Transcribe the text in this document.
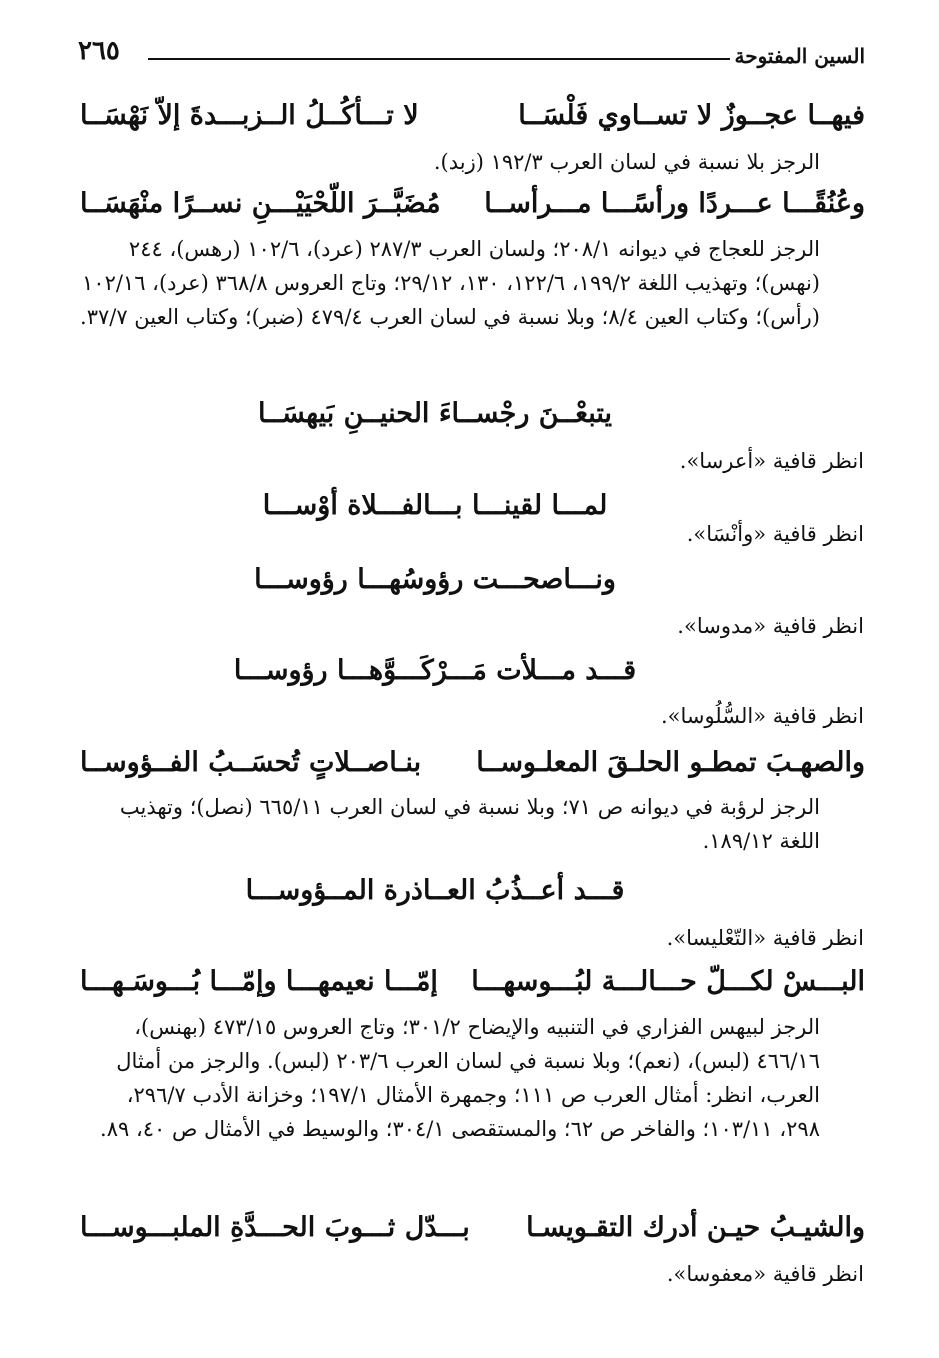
السين المفتوحة
٢٦٥
فيهــا عجــوزٌ لا تســاوي فَلْسَــا
لا تـــأكُــلُ الــزبـــدةَ إلاّ نَهْسَــا
الرجز بلا نسبة في لسان العرب ١٩٢/٣ (زبد).
وعُنُقًـــا عـــردًا ورأسًـــا مـــرأســا
مُضَبَّــرَ اللّحْيَيْـــنِ نســرًا منْهَسَــا
الرجز للعجاج في ديوانه ٢٠٨/١؛ ولسان العرب ٢٨٧/٣ (عرد)، ١٠٢/٦ (رهس)، ٢٤٤ (نهس)؛ وتهذيب اللغة ١٩٩/٢، ١٢٢/٦، ١٣٠، ٢٩/١٢؛ وتاج العروس ٣٦٨/٨ (عرد)، ١٠٢/١٦ (رأس)؛ وكتاب العين ٨/٤؛ وبلا نسبة في لسان العرب ٤٧٩/٤ (ضبر)؛ وكتاب العين ٣٧/٧.
يتبعْــنَ رجْســاءَ الحنيــنِ بَيهسَــا
انظر قافية «أعرسا».
لمـــا لقينـــا بـــالفـــلاة أوْســـا
انظر قافية «وأنْسَا».
ونـــاصحـــت رؤوسُهـــا رؤوســـا
انظر قافية «مدوسا».
قـــد مـــلأت مَـــرْكَـــوَّهـــا رؤوســـا
انظر قافية «السُّلُوسا».
والصهـبَ تمطـو الحلـقَ المعلـوســا
بنـاصــلاتٍ تُحسَــبُ الفــؤوســا
الرجز لرؤبة في ديوانه ص ٧١؛ وبلا نسبة في لسان العرب ٦٦٥/١١ (نصل)؛ وتهذيب اللغة ١٨٩/١٢.
قـــد أعــذُبُ العــاذرة المــؤوســـا
انظر قافية «التّعْليسا».
البـــسْ لكـــلّ حـــالـــة لبُـــوسهـــا
إمّـــا نعيمهـــا وإمّـــا بُـــوسَـهـــا
الرجز لبيهس الفزاري في التنبيه والإيضاح ٣٠١/٢؛ وتاج العروس ٤٧٣/١٥ (بهنس)، ٤٦٦/١٦ (لبس)، (نعم)؛ وبلا نسبة في لسان العرب ٢٠٣/٦ (لبس). والرجز من أمثال العرب، انظر: أمثال العرب ص ١١١؛ وجمهرة الأمثال ١٩٧/١؛ وخزانة الأدب ٢٩٦/٧، ٢٩٨، ١٠٣/١١؛ والفاخر ص ٦٢؛ والمستقصى ٣٠٤/١؛ والوسيط في الأمثال ص ٤٠، ٨٩.
والشيـبُ حيـن أدرك التقـويسـا
بـــدّل ثـــوبَ الحـــدَّةِ الملبـــوســـا
انظر قافية «معفوسا».
